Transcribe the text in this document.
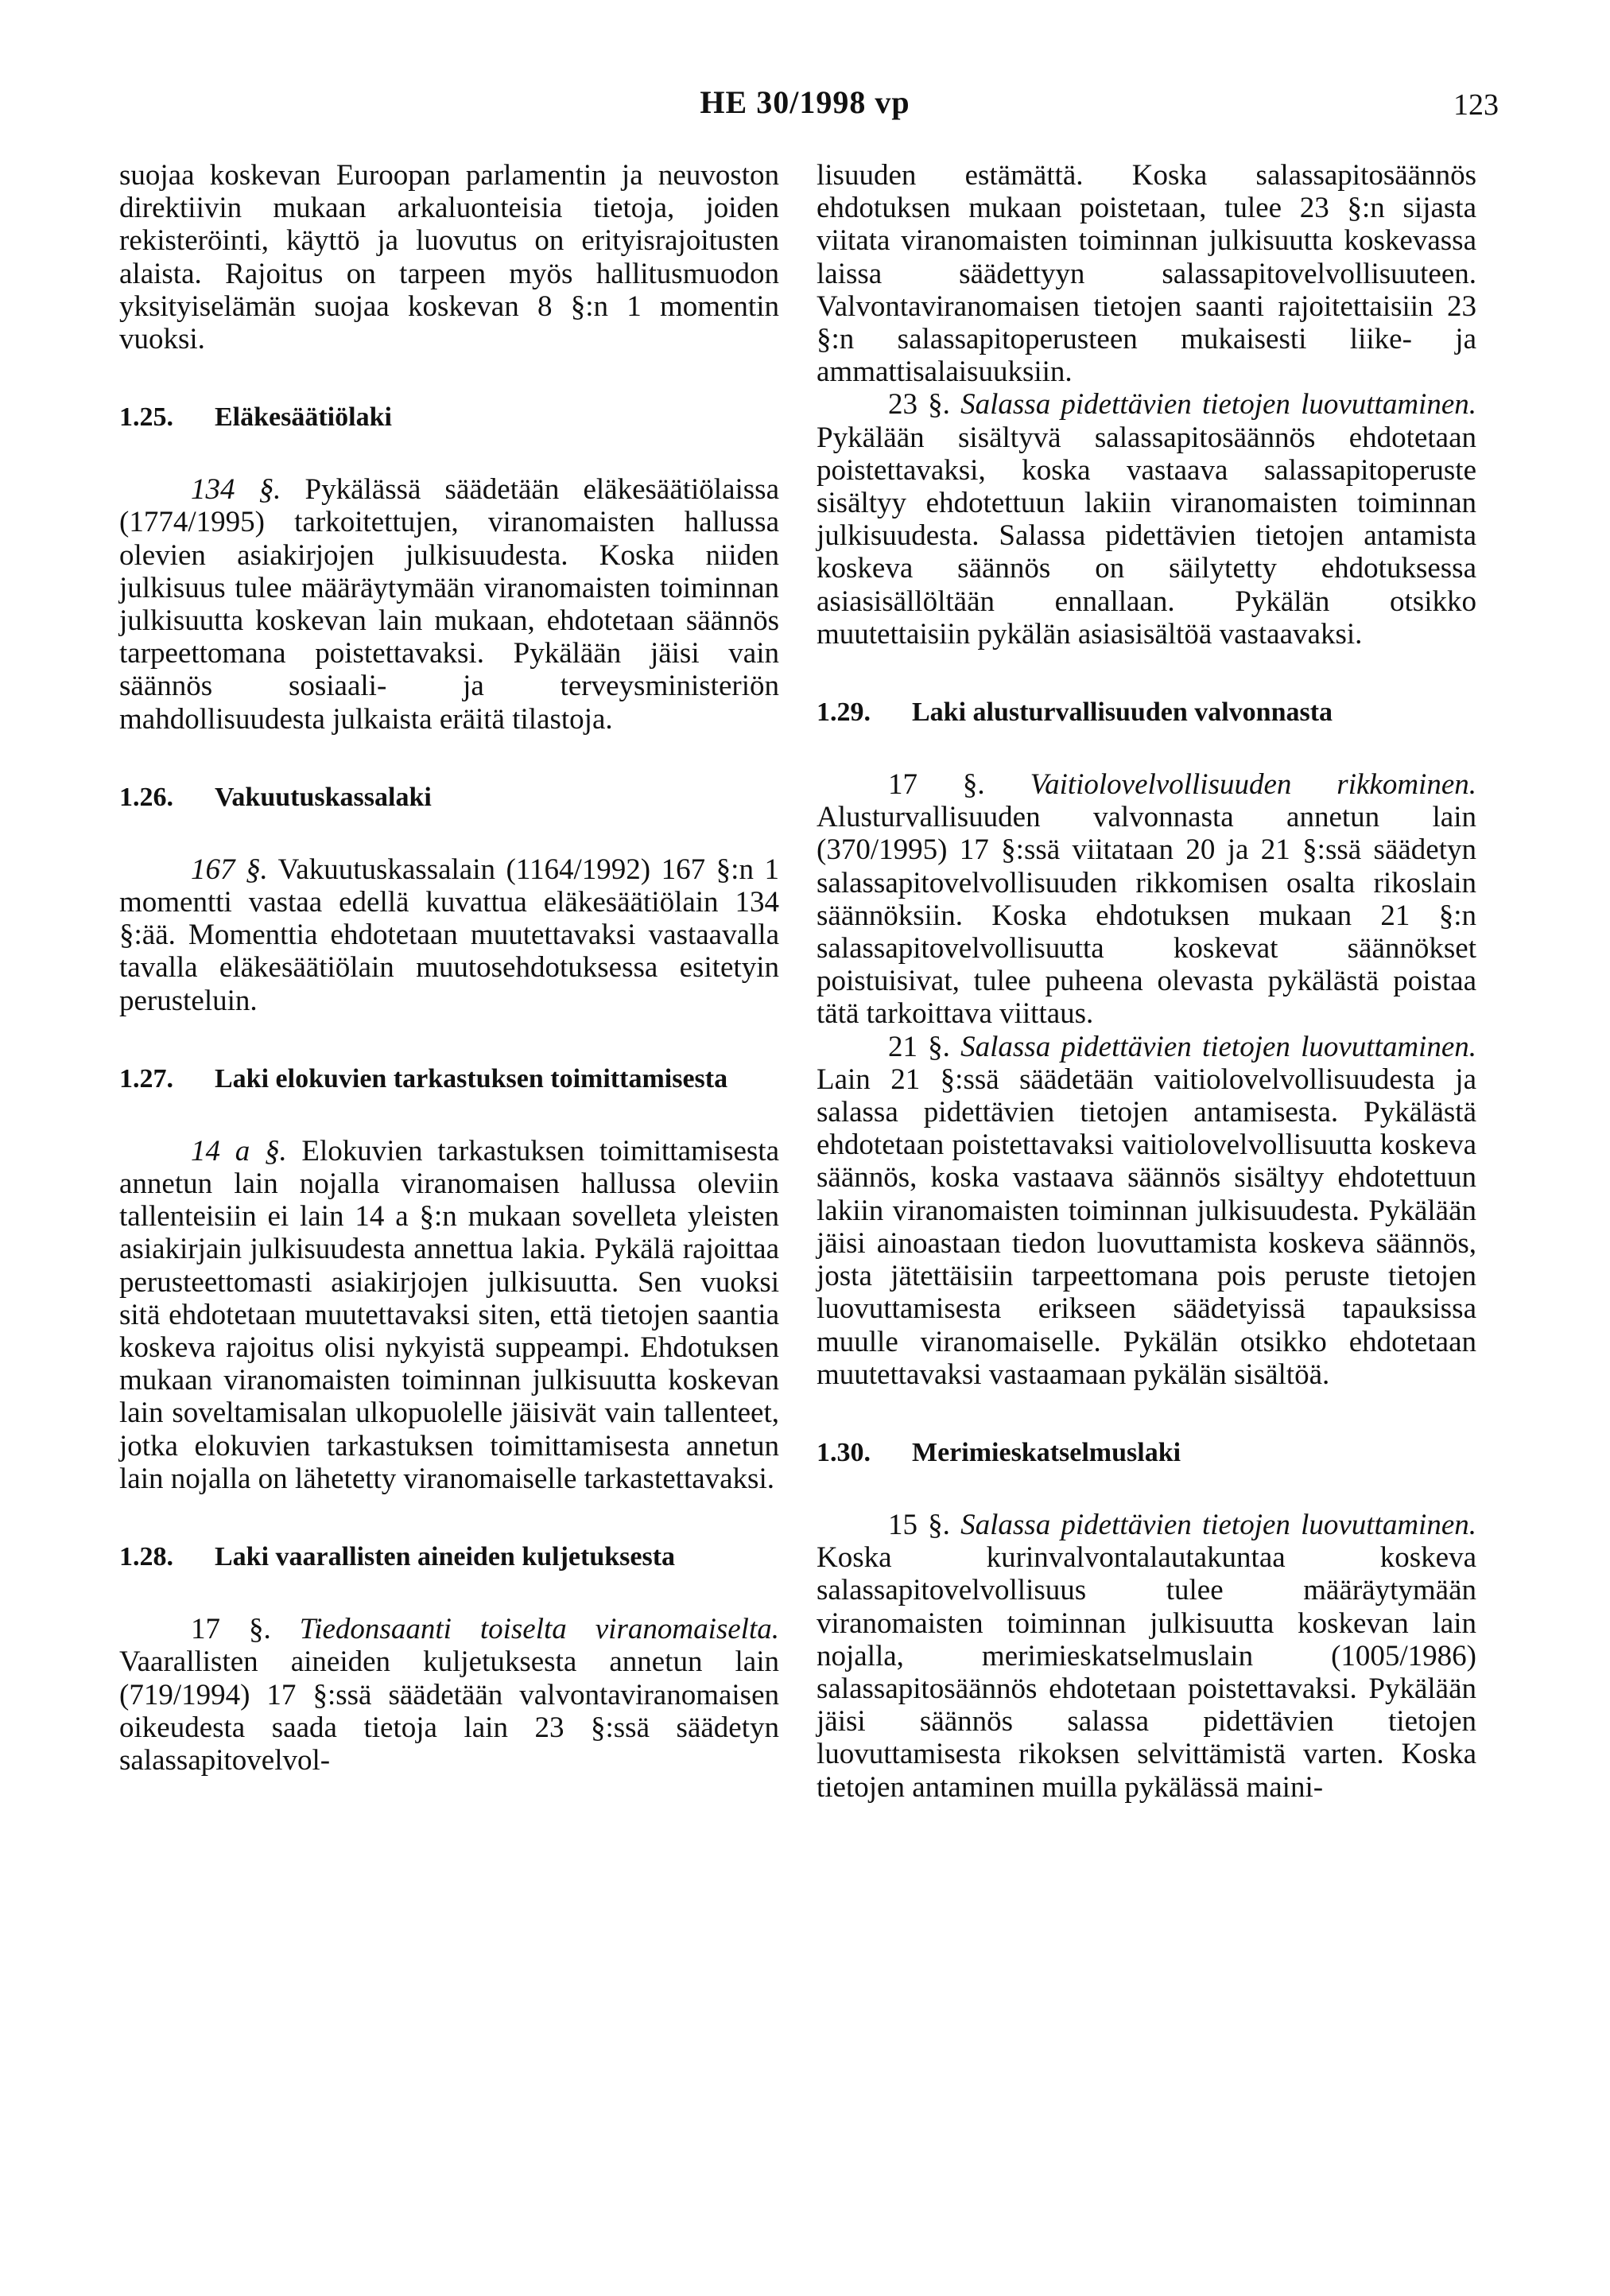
HE 30/1998 vp	123

suojaa koskevan Euroopan parlamentin ja neuvoston direktiivin mukaan arkaluonteisia tietoja, joiden rekisteröinti, käyttö ja luovutus on erityisrajoitusten alaista. Rajoitus on tarpeen myös hallitusmuodon yksityiselämän suojaa koskevan 8 §:n 1 momentin vuoksi.

1.25.	Eläkesäätiölaki

134 §. Pykälässä säädetään eläkesäätiölaissa (1774/1995) tarkoitettujen, viranomaisten hallussa olevien asiakirjojen julkisuudesta. Koska niiden julkisuus tulee määräytymään viranomaisten toiminnan julkisuutta koskevan lain mukaan, ehdotetaan säännös tarpeettomana poistettavaksi. Pykälään jäisi vain säännös sosiaali- ja terveysministeriön mahdollisuudesta julkaista eräitä tilastoja.

1.26.	Vakuutuskassalaki

167 §. Vakuutuskassalain (1164/1992) 167 §:n 1 momentti vastaa edellä kuvattua eläkesäätiölain 134 §:ää. Momenttia ehdotetaan muutettavaksi vastaavalla tavalla eläkesäätiölain muutosehdotuksessa esitetyin perusteluin.

1.27.	Laki elokuvien tarkastuksen toimittamisesta

14 a §. Elokuvien tarkastuksen toimittamisesta annetun lain nojalla viranomaisen hallussa oleviin tallenteisiin ei lain 14 a §:n mukaan sovelleta yleisten asiakirjain julkisuudesta annettua lakia. Pykälä rajoittaa perusteettomasti asiakirjojen julkisuutta. Sen vuoksi sitä ehdotetaan muutettavaksi siten, että tietojen saantia koskeva rajoitus olisi nykyistä suppeampi. Ehdotuksen mukaan viranomaisten toiminnan julkisuutta koskevan lain soveltamisalan ulkopuolelle jäisivät vain tallenteet, jotka elokuvien tarkastuksen toimittamisesta annetun lain nojalla on lähetetty viranomaiselle tarkastettavaksi.

1.28.	Laki vaarallisten aineiden kuljetuksesta

17 §. Tiedonsaanti toiselta viranomaiselta. Vaarallisten aineiden kuljetuksesta annetun lain (719/1994) 17 §:ssä säädetään valvontaviranomaisen oikeudesta saada tietoja lain 23 §:ssä säädetyn salassapitovelvol-

lisuuden estämättä. Koska salassapitosäännös ehdotuksen mukaan poistetaan, tulee 23 §:n sijasta viitata viranomaisten toiminnan julkisuutta koskevassa laissa säädettyyn salassapitovelvollisuuteen. Valvontaviranomaisen tietojen saanti rajoitettaisiin 23 §:n salassapitoperusteen mukaisesti liike- ja ammattisalaisuuksiin.

23 §. Salassa pidettävien tietojen luovuttaminen. Pykälään sisältyvä salassapitosäännös ehdotetaan poistettavaksi, koska vastaava salassapitoperuste sisältyy ehdotettuun lakiin viranomaisten toiminnan julkisuudesta. Salassa pidettävien tietojen antamista koskeva säännös on säilytetty ehdotuksessa asiasisällöltään ennallaan. Pykälän otsikko muutettaisiin pykälän asiasisältöä vastaavaksi.

1.29.	Laki alusturvallisuuden valvonnasta

17 §. Vaitiolovelvollisuuden rikkominen. Alusturvallisuuden valvonnasta annetun lain (370/1995) 17 §:ssä viitataan 20 ja 21 §:ssä säädetyn salassapitovelvollisuuden rikkomisen osalta rikoslain säännöksiin. Koska ehdotuksen mukaan 21 §:n salassapitovelvollisuutta koskevat säännökset poistuisivat, tulee puheena olevasta pykälästä poistaa tätä tarkoittava viittaus.

21 §. Salassa pidettävien tietojen luovuttaminen. Lain 21 §:ssä säädetään vaitiolovelvollisuudesta ja salassa pidettävien tietojen antamisesta. Pykälästä ehdotetaan poistettavaksi vaitiolovelvollisuutta koskeva säännös, koska vastaava säännös sisältyy ehdotettuun lakiin viranomaisten toiminnan julkisuudesta. Pykälään jäisi ainoastaan tiedon luovuttamista koskeva säännös, josta jätettäisiin tarpeettomana pois peruste tietojen luovuttamisesta erikseen säädetyissä tapauksissa muulle viranomaiselle. Pykälän otsikko ehdotetaan muutettavaksi vastaamaan pykälän sisältöä.

1.30.	Merimieskatselmuslaki

15 §. Salassa pidettävien tietojen luovuttaminen. Koska kurinvalvontalautakuntaa koskeva salassapitovelvollisuus tulee määräytymään viranomaisten toiminnan julkisuutta koskevan lain nojalla, merimieskatselmuslain (1005/1986) salassapitosäännös ehdotetaan poistettavaksi. Pykälään jäisi säännös salassa pidettävien tietojen luovuttamisesta rikoksen selvittämistä varten. Koska tietojen antaminen muilla pykälässä maini-
